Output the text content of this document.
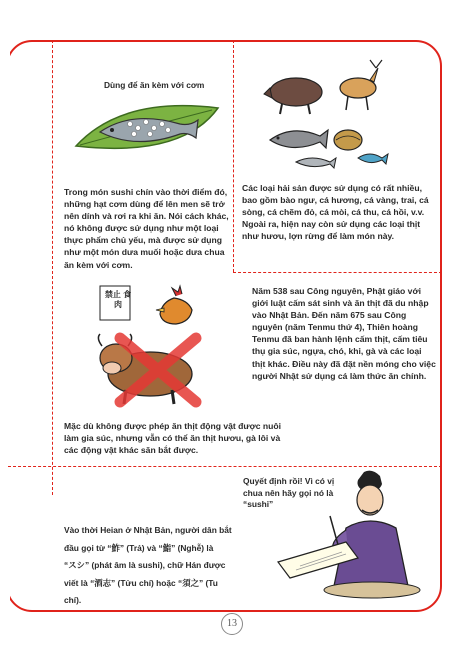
Dùng để ăn kèm với cơm
Trong món sushi chín vào thời điểm đó, những hạt cơm dùng để lên men sẽ trở nên dính và rơi ra khi ăn. Nói cách khác, nó không được sử dụng như một loại thực phẩm chủ yếu, mà được sử dụng như một món dưa muối hoặc dưa chua ăn kèm với cơm.
Các loại hải sản được sử dụng có rất nhiều, bao gồm bào ngư, cá hương, cá vàng, trai, cá sòng, cá chẽm đỏ, cá mòi, cá thu, cá hồi, v.v. Ngoài ra, hiện nay còn sử dụng các loại thịt như hươu, lợn rừng để làm món này.
禁止 食肉
Năm 538 sau Công nguyên, Phật giáo với giới luật cấm sát sinh và ăn thịt đã du nhập vào Nhật Bản. Đến năm 675 sau Công nguyên (năm Tenmu thứ 4), Thiên hoàng Tenmu đã ban hành lệnh cấm thịt, cấm tiêu thụ gia súc, ngựa, chó, khỉ, gà và các loại thịt khác. Điều này đã đặt nền móng cho việc người Nhật sử dụng cá làm thức ăn chính.
Mặc dù không được phép ăn thịt động vật được nuôi làm gia súc, nhưng vẫn có thể ăn thịt hươu, gà lôi và các động vật khác săn bắt được.
Quyết định rồi! Vì có vị chua nên hãy gọi nó là “sushi”
Vào thời Heian ở Nhật Bản, người dân bắt
đầu gọi từ “鮓” (Trả) và “鮨” (Nghễ) là
“スシ” (phát âm là sushi), chữ Hán được
viết là “酒志” (Tửu chí) hoặc “須之” (Tu
chí).
13
